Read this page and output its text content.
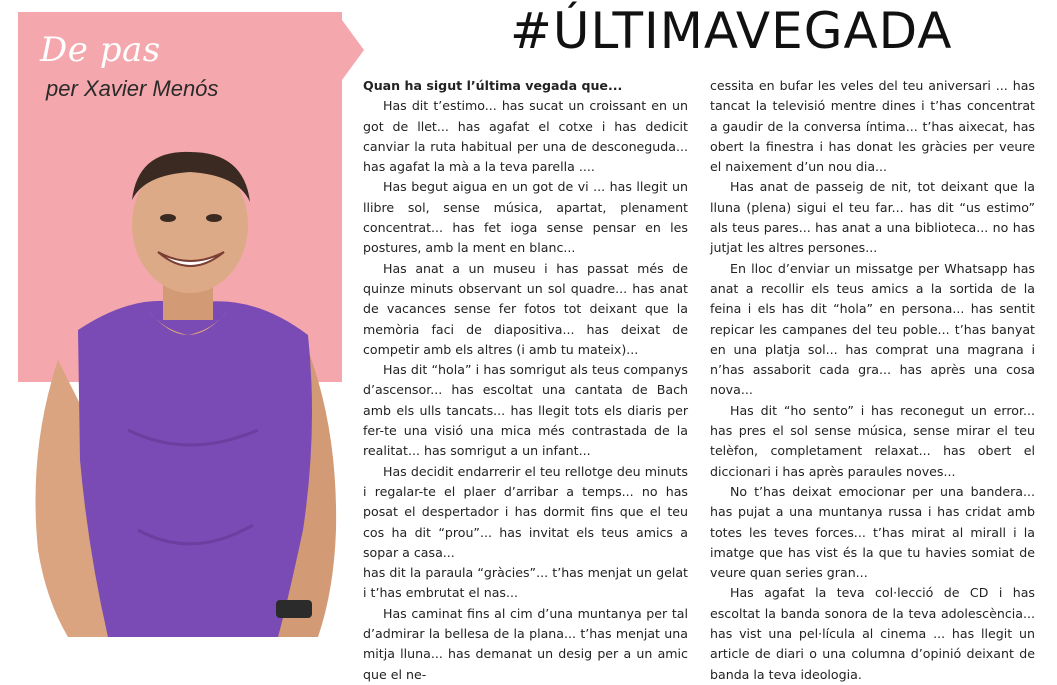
De pas
per Xavier Menós
#ÚLTIMAVEGADA
Quan ha sigut l’última vegada que...

Has dit t’estimo... has sucat un croissant en un got de llet... has agafat el cotxe i has dedicit canviar la ruta habitual per una de desconeguda... has agafat la mà a la teva parella ....

Has begut aigua en un got de vi ... has llegit un llibre sol, sense música, apartat, plenament concentrat... has fet ioga sense pensar en les postures, amb la ment en blanc...

Has anat a un museu i has passat més de quinze minuts observant un sol quadre... has anat de vacances sense fer fotos tot deixant que la memòria faci de diapositiva... has deixat de competir amb els altres (i amb tu mateix)...

Has dit “hola” i has somrigut als teus companys d’ascensor... has escoltat una cantata de Bach amb els ulls tancats... has llegit tots els diaris per fer-te una visió una mica més contrastada de la realitat... has somrigut a un infant...

Has decidit endarrerir el teu rellotge deu minuts i regalar-te el plaer d’arribar a temps... no has posat el despertador i has dormit fins que el teu cos ha dit “prou”... has invitat els teus amics a sopar a casa...

has dit la paraula “gràcies”... t’has menjat un gelat i t’has embrutat el nas...

Has caminat fins al cim d’una muntanya per tal d’admirar la bellesa de la plana... t’has menjat una mitja lluna... has demanat un desig per a un amic que el ne-

cessita en bufar les veles del teu aniversari ... has tancat la televisió mentre dines i t’has concentrat a gaudir de la conversa íntima... t’has aixecat, has obert la finestra i has donat les gràcies per veure el naixement d’un nou dia...

Has anat de passeig de nit, tot deixant que la lluna (plena) sigui el teu far... has dit “us estimo” als teus pares... has anat a una biblioteca... no has jutjat les altres persones...

En lloc d’enviar un missatge per Whatsapp has anat a recollir els teus amics a la sortida de la feina i els has dit “hola” en persona... has sentit repicar les campanes del teu poble... t’has banyat en una platja sol... has comprat una magrana i n’has assaborit cada gra... has après una cosa nova...

Has dit “ho sento” i has reconegut un error... has pres el sol sense música, sense mirar el teu telèfon, completament relaxat... has obert el diccionari i has après paraules noves...

No t’has deixat emocionar per una bandera... has pujat a una muntanya russa i has cridat amb totes les teves forces... t’has mirat al mirall i la imatge que has vist és la que tu havies somiat de veure quan series gran...

Has agafat la teva col·lecció de CD i has escoltat la banda sonora de la teva adolescència... has vist una pel·lícula al cinema ... has llegit un article de diari o una columna d’opinió deixant de banda la teva ideologia.
